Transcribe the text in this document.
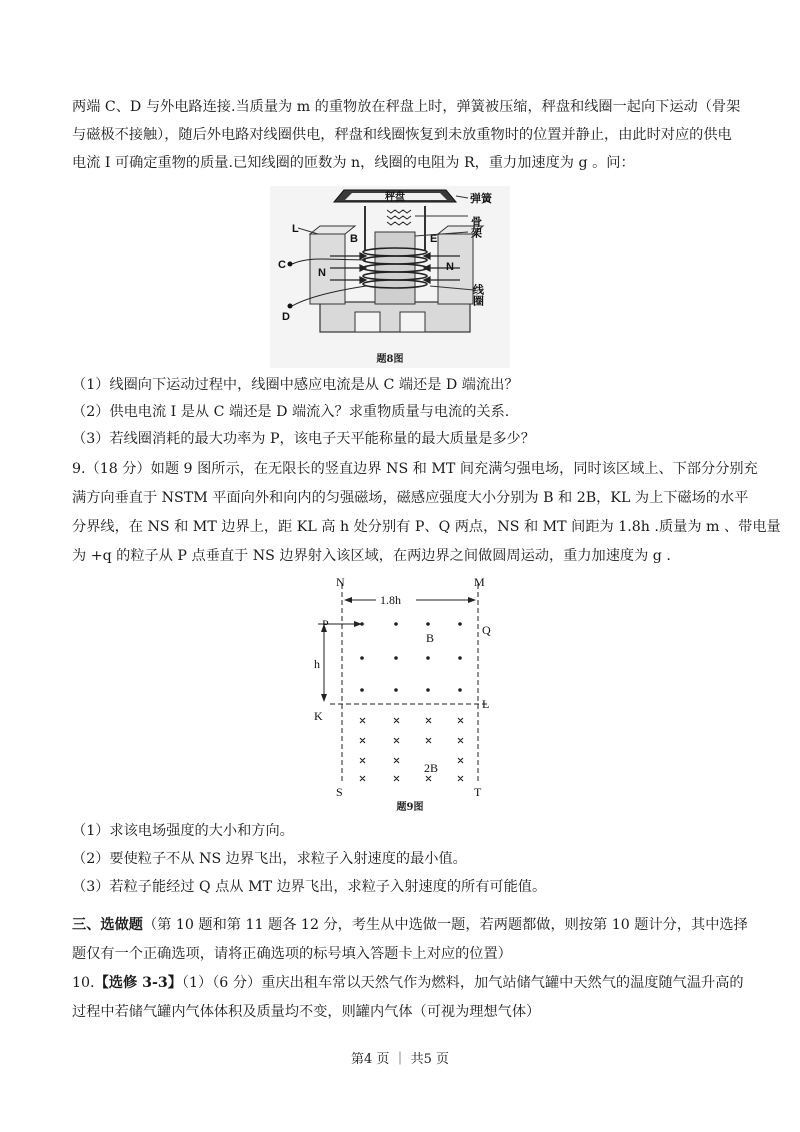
两端 C、D 与外电路连接.当质量为 m 的重物放在秤盘上时，弹簧被压缩，秤盘和线圈一起向下运动（骨架
与磁极不接触），随后外电路对线圈供电，秤盘和线圈恢复到未放重物时的位置并静止，由此时对应的供电
电流 I 可确定重物的质量.已知线圈的匝数为 n，线圈的电阻为 R，重力加速度为 g 。问：
秤盘
L
B	E
C
D
N	N
弹簧
骨架
线圈
题8图
（1）线圈向下运动过程中，线圈中感应电流是从 C 端还是 D 端流出？
（2）供电电流 I 是从 C 端还是 D 端流入？求重物质量与电流的关系.
（3）若线圈消耗的最大功率为 P，该电子天平能称量的最大质量是多少？
9.（18 分）如题 9 图所示，在无限长的竖直边界 NS 和 MT 间充满匀强电场，同时该区域上、下部分分别充
满方向垂直于 NSTM 平面向外和向内的匀强磁场，磁感应强度大小分别为 B 和 2B，KL 为上下磁场的水平
分界线，在 NS 和 MT 边界上，距 KL 高 h 处分别有 P、Q 两点，NS 和 MT 间距为 1.8h .质量为 m 、带电量
为 +q 的粒子从 P 点垂直于 NS 边界射入该区域，在两边界之间做圆周运动，重力加速度为 g .
N	M
1.8h
P	Q
B
h
K
L
2B
S	T
题9图
（1）求该电场强度的大小和方向。
（2）要使粒子不从 NS 边界飞出，求粒子入射速度的最小值。
（3）若粒子能经过 Q 点从 MT 边界飞出，求粒子入射速度的所有可能值。
三、选做题（第 10 题和第 11 题各 12 分，考生从中选做一题，若两题都做，则按第 10 题计分，其中选择
题仅有一个正确选项，请将正确选项的标号填入答题卡上对应的位置）
10.【选修 3-3】（1）（6 分）重庆出租车常以天然气作为燃料，加气站储气罐中天然气的温度随气温升高的
过程中若储气罐内气体体积及质量均不变，则罐内气体（可视为理想气体）
第4 页 ｜ 共5 页
